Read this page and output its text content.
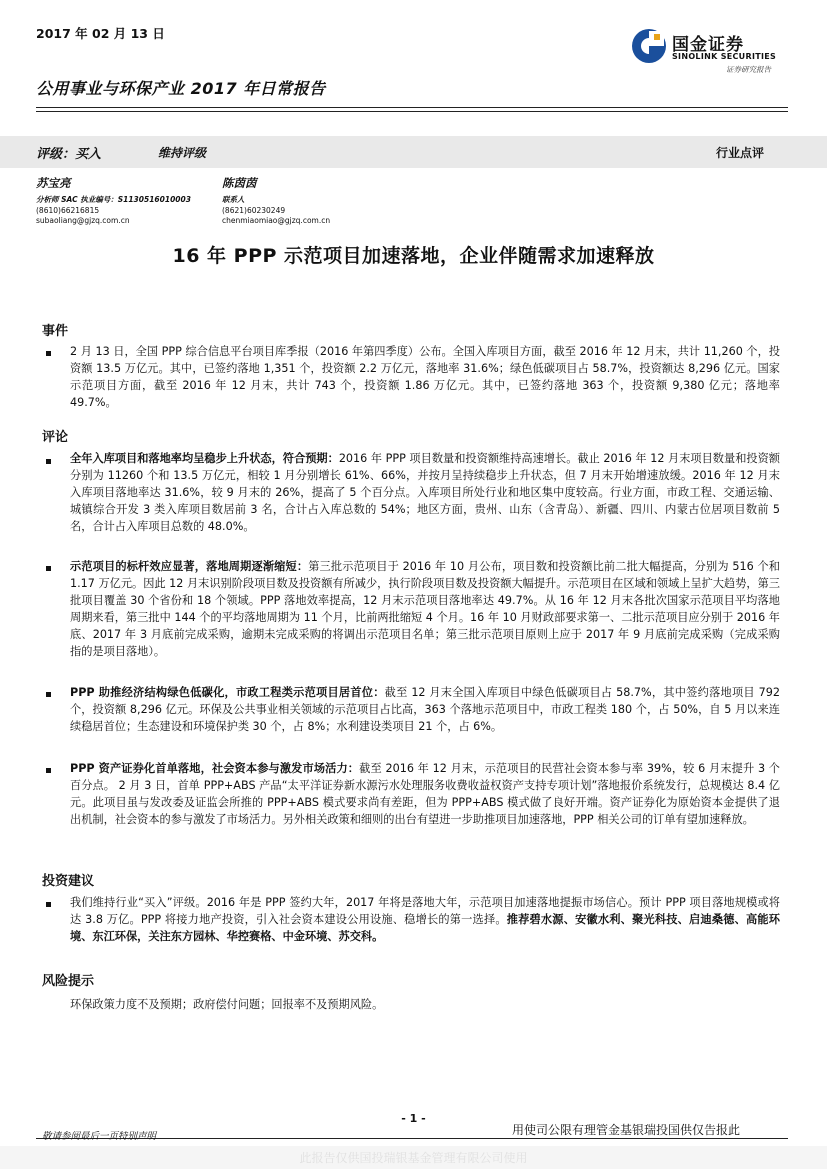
2017 年 02 月 13 日
公用事业与环保产业 2017 年日常报告
国金证券
SINOLINK SECURITIES
证券研究报告
评级：买入	维持评级	行业点评
苏宝亮
分析师 SAC 执业编号：S1130516010003
(8610)66216815
subaoliang@gjzq.com.cn
陈茵茵
联系人
(8621)60230249
chenmiaomiao@gjzq.com.cn
16 年 PPP 示范项目加速落地，企业伴随需求加速释放
事件
2 月 13 日，全国 PPP 综合信息平台项目库季报（2016 年第四季度）公布。全国入库项目方面，截至 2016 年 12 月末，共计 11,260 个，投资额 13.5 万亿元。其中，已签约落地 1,351 个，投资额 2.2 万亿元，落地率 31.6%；绿色低碳项目占 58.7%，投资额达 8,296 亿元。国家示范项目方面，截至 2016 年 12 月末，共计 743 个，投资额 1.86 万亿元。其中，已签约落地 363 个，投资额 9,380 亿元；落地率 49.7%。
评论
全年入库项目和落地率均呈稳步上升状态，符合预期：2016 年 PPP 项目数量和投资额维持高速增长。截止 2016 年 12 月末项目数量和投资额分别为 11260 个和 13.5 万亿元，相较 1 月分别增长 61%、66%，并按月呈持续稳步上升状态，但 7 月末开始增速放缓。2016 年 12 月末入库项目落地率达 31.6%，较 9 月末的 26%，提高了 5 个百分点。入库项目所处行业和地区集中度较高。行业方面，市政工程、交通运输、城镇综合开发 3 类入库项目数居前 3 名，合计占入库总数的 54%；地区方面，贵州、山东（含青岛）、新疆、四川、内蒙古位居项目数前 5 名，合计占入库项目总数的 48.0%。
示范项目的标杆效应显著，落地周期逐渐缩短：第三批示范项目于 2016 年 10 月公布，项目数和投资额比前二批大幅提高，分别为 516 个和 1.17 万亿元。因此 12 月末识别阶段项目数及投资额有所减少，执行阶段项目数及投资额大幅提升。示范项目在区域和领域上呈扩大趋势，第三批项目覆盖 30 个省份和 18 个领域。PPP 落地效率提高，12 月末示范项目落地率达 49.7%。从 16 年 12 月末各批次国家示范项目平均落地周期来看，第三批中 144 个的平均落地周期为 11 个月，比前两批缩短 4 个月。16 年 10 月财政部要求第一、二批示范项目应分别于 2016 年底、2017 年 3 月底前完成采购，逾期未完成采购的将调出示范项目名单；第三批示范项目原则上应于 2017 年 9 月底前完成采购（完成采购指的是项目落地）。
PPP 助推经济结构绿色低碳化，市政工程类示范项目居首位：截至 12 月末全国入库项目中绿色低碳项目占 58.7%，其中签约落地项目 792 个，投资额 8,296 亿元。环保及公共事业相关领域的示范项目占比高，363 个落地示范项目中，市政工程类 180 个，占 50%，自 5 月以来连续稳居首位；生态建设和环境保护类 30 个，占 8%；水利建设类项目 21 个，占 6%。
PPP 资产证券化首单落地，社会资本参与激发市场活力：截至 2016 年 12 月末，示范项目的民营社会资本参与率 39%，较 6 月末提升 3 个百分点。 2 月 3 日，首单 PPP+ABS 产品“太平洋证券新水源污水处理服务收费收益权资产支持专项计划”落地报价系统发行，总规模达 8.4 亿元。此项目虽与发改委及证监会所推的 PPP+ABS 模式要求尚有差距，但为 PPP+ABS 模式做了良好开端。资产证券化为原始资本金提供了退出机制，社会资本的参与激发了市场活力。另外相关政策和细则的出台有望进一步助推项目加速落地，PPP 相关公司的订单有望加速释放。
投资建议
我们维持行业“买入”评级。2016 年是 PPP 签约大年，2017 年将是落地大年，示范项目加速落地提振市场信心。预计 PPP 项目落地规模或将达 3.8 万亿。PPP 将接力地产投资，引入社会资本建设公用设施、稳增长的第一选择。推荐碧水源、安徽水利、聚光科技、启迪桑德、高能环境、东江环保，关注东方园林、华控赛格、中金环境、苏交科。
风险提示
环保政策力度不及预期；政府偿付问题；回报率不及预期风险。
- 1 -
用使司公限有理管金基银瑞投国供仅告报此
敬请参阅最后一页特别声明
此报告仅供国投瑞银基金管理有限公司使用
